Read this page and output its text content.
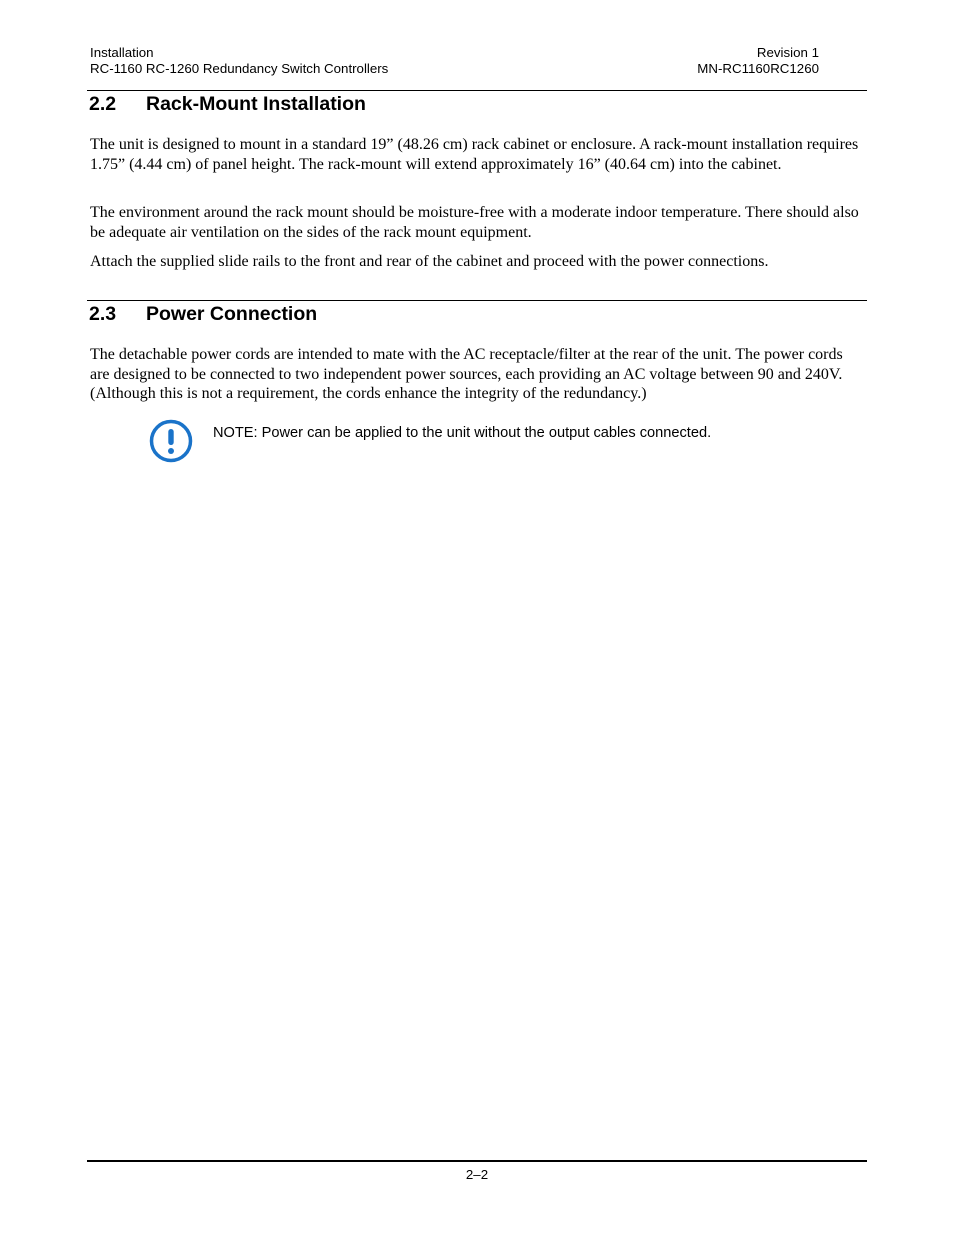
Installation
RC-1160 RC-1260 Redundancy Switch Controllers
Revision 1
MN-RC1160RC1260
2.2 Rack-Mount Installation

The unit is designed to mount in a standard 19” (48.26 cm) rack cabinet or enclosure. A rack-mount installation requires 1.75” (4.44 cm) of panel height. The rack-mount will extend approximately 16” (40.64 cm) into the cabinet.

The environment around the rack mount should be moisture-free with a moderate indoor temperature. There should also be adequate air ventilation on the sides of the rack mount equipment.

Attach the supplied slide rails to the front and rear of the cabinet and proceed with the power connections.

2.3 Power Connection

The detachable power cords are intended to mate with the AC receptacle/filter at the rear of the unit. The power cords are designed to be connected to two independent power sources, each providing an AC voltage between 90 and 240V. (Although this is not a requirement, the cords enhance the integrity of the redundancy.)

NOTE: Power can be applied to the unit without the output cables connected.
2–2
